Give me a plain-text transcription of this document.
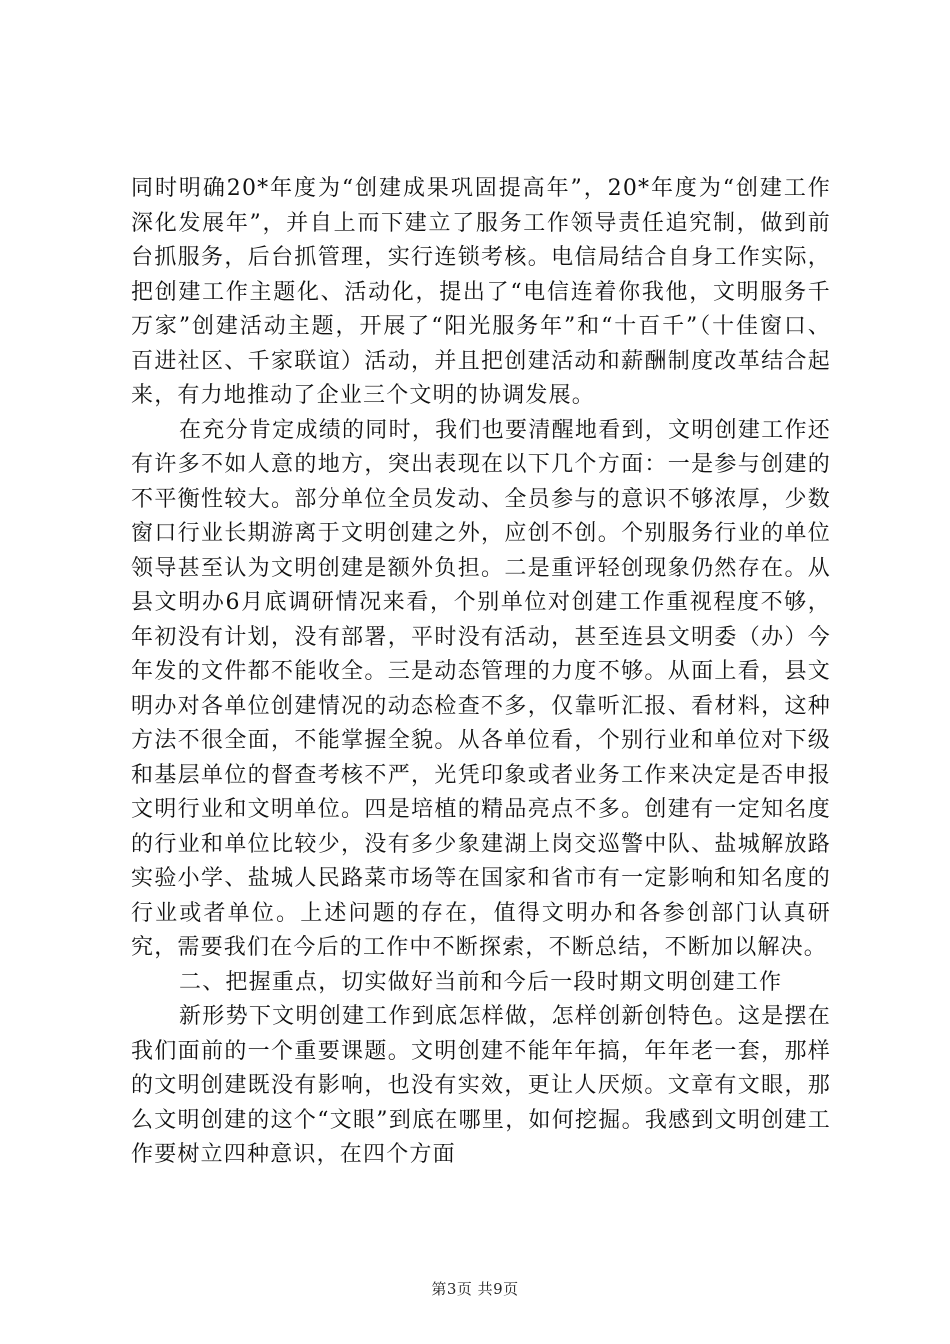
同时明确20*年度为“创建成果巩固提高年”，20*年度为“创建工作深化发展年”，并自上而下建立了服务工作领导责任追究制，做到前台抓服务，后台抓管理，实行连锁考核。电信局结合自身工作实际，把创建工作主题化、活动化，提出了“电信连着你我他，文明服务千万家”创建活动主题，开展了“阳光服务年”和“十百千”（十佳窗口、百进社区、千家联谊）活动，并且把创建活动和薪酬制度改革结合起来，有力地推动了企业三个文明的协调发展。

在充分肯定成绩的同时，我们也要清醒地看到，文明创建工作还有许多不如人意的地方，突出表现在以下几个方面：一是参与创建的不平衡性较大。部分单位全员发动、全员参与的意识不够浓厚，少数窗口行业长期游离于文明创建之外，应创不创。个别服务行业的单位领导甚至认为文明创建是额外负担。二是重评轻创现象仍然存在。从县文明办6月底调研情况来看，个别单位对创建工作重视程度不够，年初没有计划，没有部署，平时没有活动，甚至连县文明委（办）今年发的文件都不能收全。三是动态管理的力度不够。从面上看，县文明办对各单位创建情况的动态检查不多，仅靠听汇报、看材料，这种方法不很全面，不能掌握全貌。从各单位看，个别行业和单位对下级和基层单位的督查考核不严，光凭印象或者业务工作来决定是否申报文明行业和文明单位。四是培植的精品亮点不多。创建有一定知名度的行业和单位比较少，没有多少象建湖上岗交巡警中队、盐城解放路实验小学、盐城人民路菜市场等在国家和省市有一定影响和知名度的行业或者单位。上述问题的存在，值得文明办和各参创部门认真研究，需要我们在今后的工作中不断探索，不断总结，不断加以解决。

二、把握重点，切实做好当前和今后一段时期文明创建工作

新形势下文明创建工作到底怎样做，怎样创新创特色。这是摆在我们面前的一个重要课题。文明创建不能年年搞，年年老一套，那样的文明创建既没有影响，也没有实效，更让人厌烦。文章有文眼，那么文明创建的这个“文眼”到底在哪里，如何挖掘。我感到文明创建工作要树立四种意识，在四个方面

第3页 共9页
